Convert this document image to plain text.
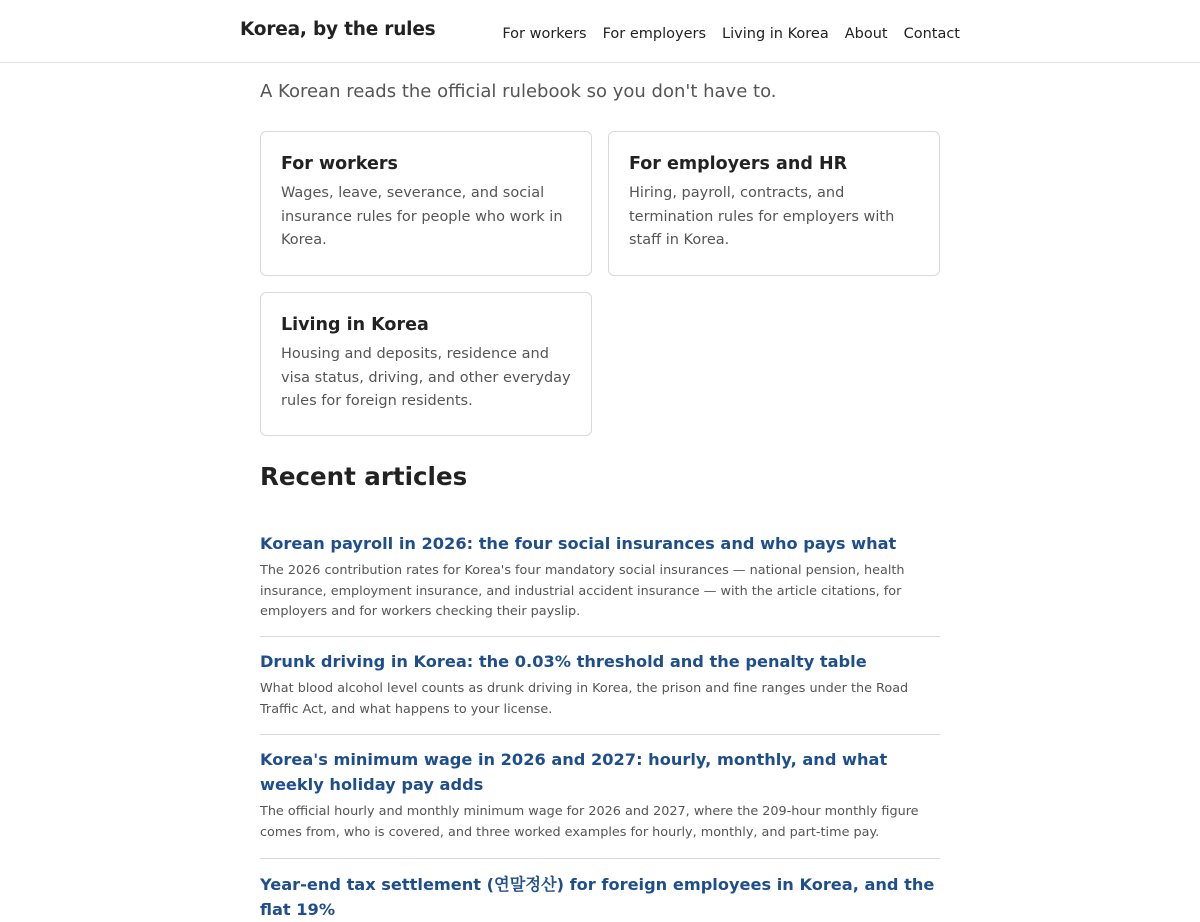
Korea, by the rules	For workers For employers Living in Korea About Contact

A Korean reads the official rulebook so you don't have to.

For workers

Wages, leave, severance, and social insurance rules for people who work in Korea.

For employers and HR

Hiring, payroll, contracts, and termination rules for employers with staff in Korea.

Living in Korea

Housing and deposits, residence and visa status, driving, and other everyday rules for foreign residents.

Recent articles
Korean payroll in 2026: the four social insurances and who pays what

The 2026 contribution rates for Korea's four mandatory social insurances — national pension, health insurance, employment insurance, and industrial accident insurance — with the article citations, for employers and for workers checking their payslip.

Drunk driving in Korea: the 0.03% threshold and the penalty table

What blood alcohol level counts as drunk driving in Korea, the prison and fine ranges under the Road Traffic Act, and what happens to your license.

Korea's minimum wage in 2026 and 2027: hourly, monthly, and what weekly holiday pay adds

The official hourly and monthly minimum wage for 2026 and 2027, where the 209-hour monthly figure comes from, who is covered, and three worked examples for hourly, monthly, and part-time pay.

Year-end tax settlement (연말정산) for foreign employees in Korea, and the flat 19%
